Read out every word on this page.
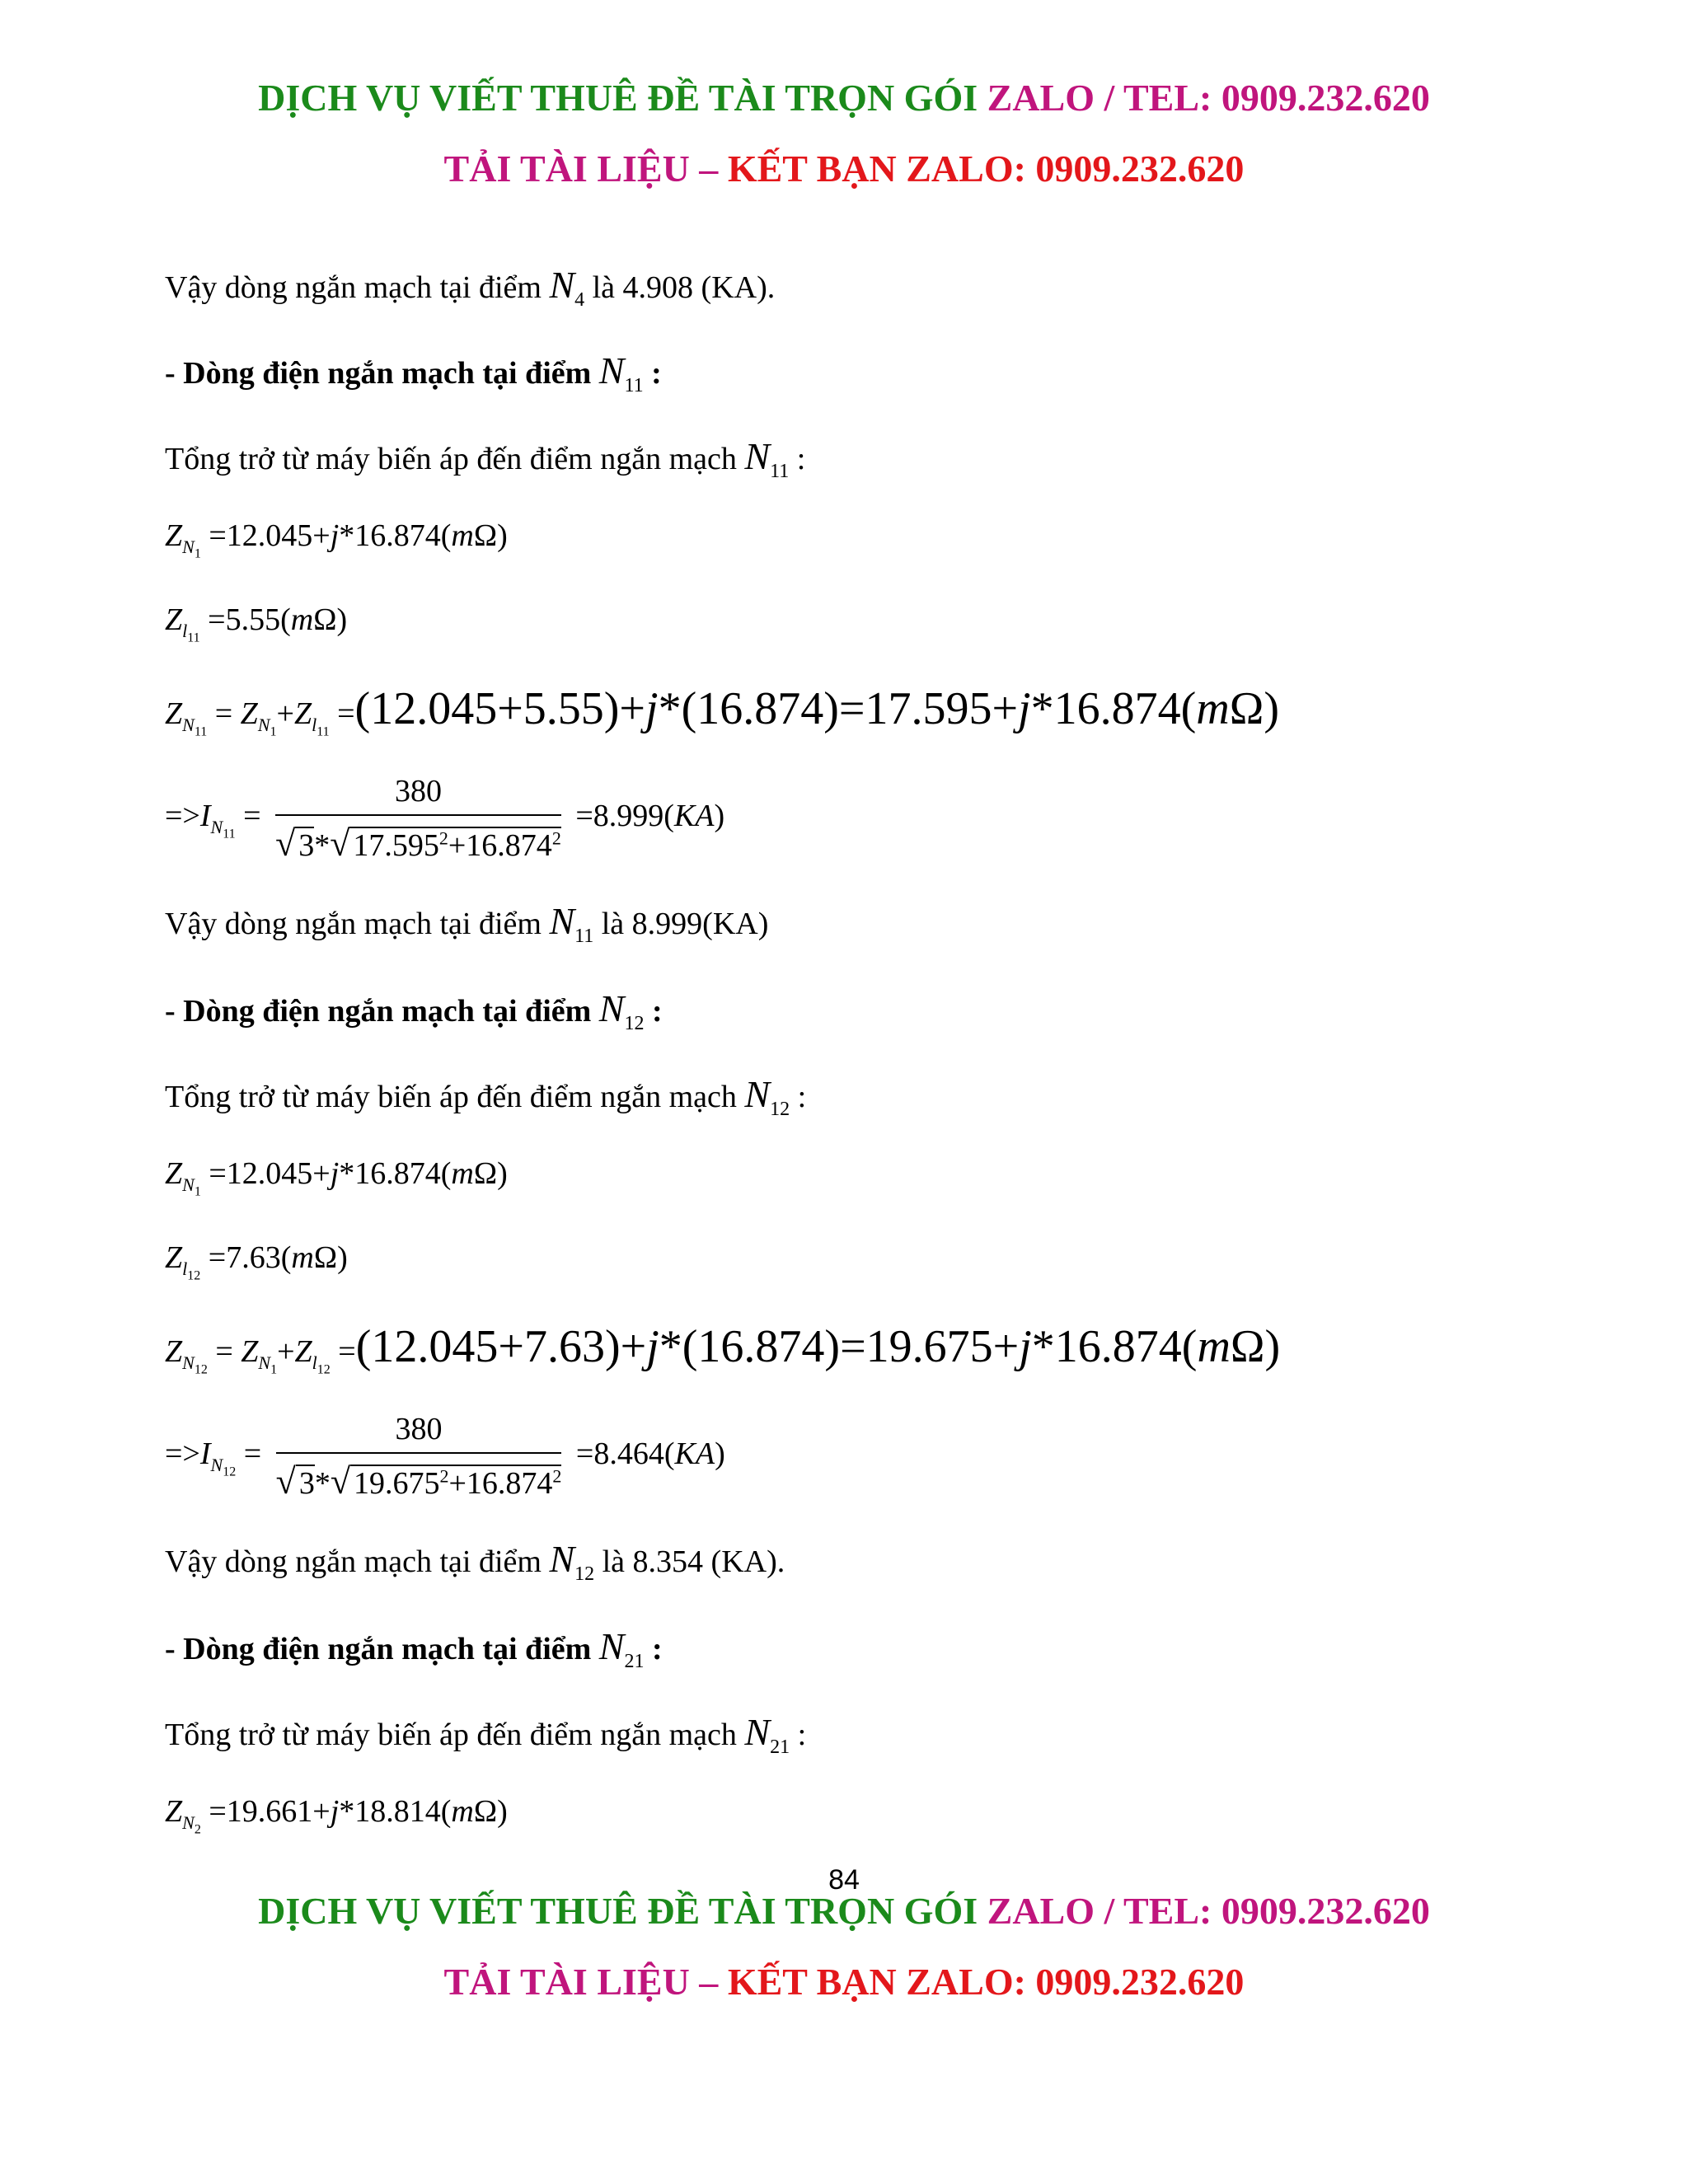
DỊCH VỤ VIẾT THUÊ ĐỀ TÀI TRỌN GÓI ZALO / TEL: 0909.232.620
TẢI TÀI LIỆU – KẾT BẠN ZALO: 0909.232.620
Vậy dòng ngắn mạch tại điểm $N_4$ là 4.908 (KA).
- Dòng điện ngắn mạch tại điểm $N_{11}$ :
Tổng trở từ máy biến áp đến điểm ngắn mạch $N_{11}$ :
$Z_{N_1} =12.045+j*16.874(m\Omega)$
$Z_{l_{11}} =5.55(m\Omega)$
$Z_{N_{11}} = Z_{N_1}+Z_{l_{11}} =(12.045+5.55)+j*(16.874)=17.595+j*16.874(m\Omega)$
$=>I_{N_{11}} = \frac{380}{√ 3*√ 17.595^2+16.874^2} =8.999(KA)$
Vậy dòng ngắn mạch tại điểm $N_{11}$ là 8.999(KA)
- Dòng điện ngắn mạch tại điểm $N_{12}$ :
Tổng trở từ máy biến áp đến điểm ngắn mạch $N_{12}$ :
$Z_{N_1} =12.045+j*16.874(m\Omega)$
$Z_{l_{12}} =7.63(m\Omega)$
$Z_{N_{12}} = Z_{N_1}+Z_{l_{12}} =(12.045+7.63)+j*(16.874)=19.675+j*16.874(m\Omega)$
$=>I_{N_{12}} = \frac{380}{√ 3*√ 19.675^2+16.874^2} =8.464(KA)$
Vậy dòng ngắn mạch tại điểm $N_{12}$ là 8.354 (KA).
- Dòng điện ngắn mạch tại điểm $N_{21}$ :
Tổng trở từ máy biến áp đến điểm ngắn mạch $N_{21}$ :
$Z_{N_2} =19.661+j*18.814(m\Omega)$
84
DỊCH VỤ VIẾT THUÊ ĐỀ TÀI TRỌN GÓI ZALO / TEL: 0909.232.620
TẢI TÀI LIỆU – KẾT BẠN ZALO: 0909.232.620
